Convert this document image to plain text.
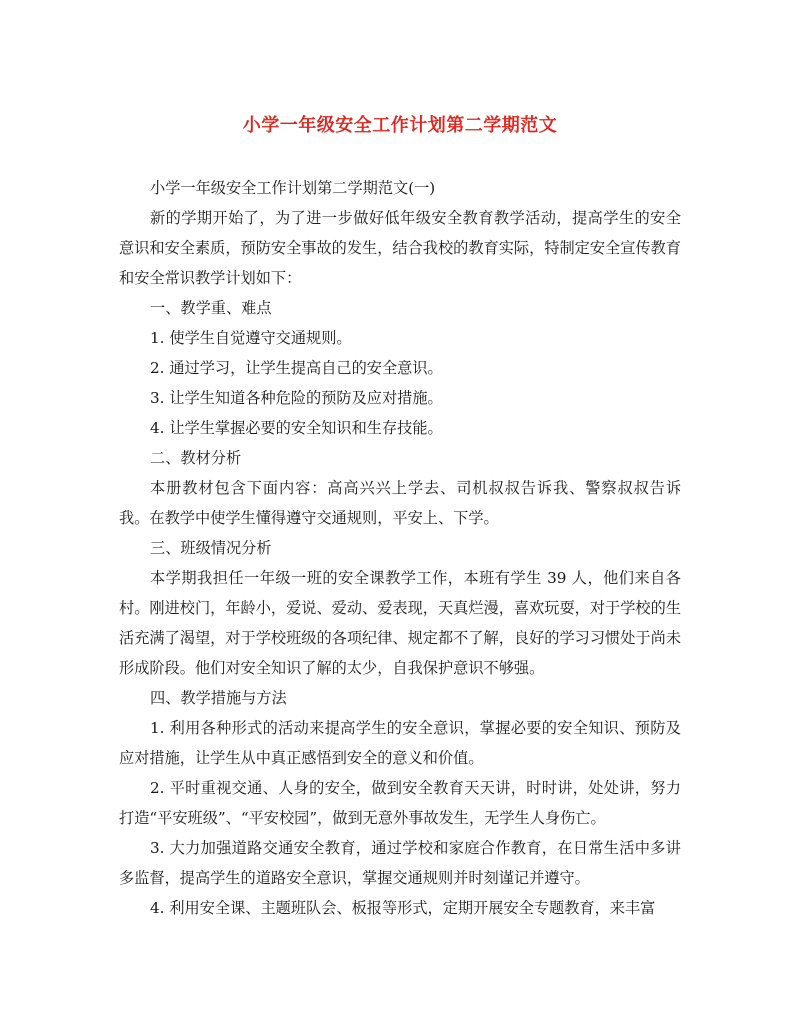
小学一年级安全工作计划第二学期范文

小学一年级安全工作计划第二学期范文(一)

新的学期开始了，为了进一步做好低年级安全教育教学活动，提高学生的安全意识和安全素质，预防安全事故的发生，结合我校的教育实际，特制定安全宣传教育和安全常识教学计划如下：

一、教学重、难点

1. 使学生自觉遵守交通规则。

2. 通过学习，让学生提高自己的安全意识。

3. 让学生知道各种危险的预防及应对措施。

4. 让学生掌握必要的安全知识和生存技能。

二、教材分析

本册教材包含下面内容：高高兴兴上学去、司机叔叔告诉我、警察叔叔告诉我。在教学中使学生懂得遵守交通规则，平安上、下学。

三、班级情况分析

本学期我担任一年级一班的安全课教学工作，本班有学生 39 人，他们来自各村。刚进校门，年龄小，爱说、爱动、爱表现，天真烂漫，喜欢玩耍，对于学校的生活充满了渴望，对于学校班级的各项纪律、规定都不了解，良好的学习习惯处于尚未形成阶段。他们对安全知识了解的太少，自我保护意识不够强。

四、教学措施与方法

1. 利用各种形式的活动来提高学生的安全意识，掌握必要的安全知识、预防及应对措施，让学生从中真正感悟到安全的意义和价值。

2. 平时重视交通、人身的安全，做到安全教育天天讲，时时讲，处处讲，努力打造“平安班级”、“平安校园”，做到无意外事故发生，无学生人身伤亡。

3. 大力加强道路交通安全教育，通过学校和家庭合作教育，在日常生活中多讲多监督，提高学生的道路安全意识，掌握交通规则并时刻谨记并遵守。

4. 利用安全课、主题班队会、板报等形式，定期开展安全专题教育，来丰富
